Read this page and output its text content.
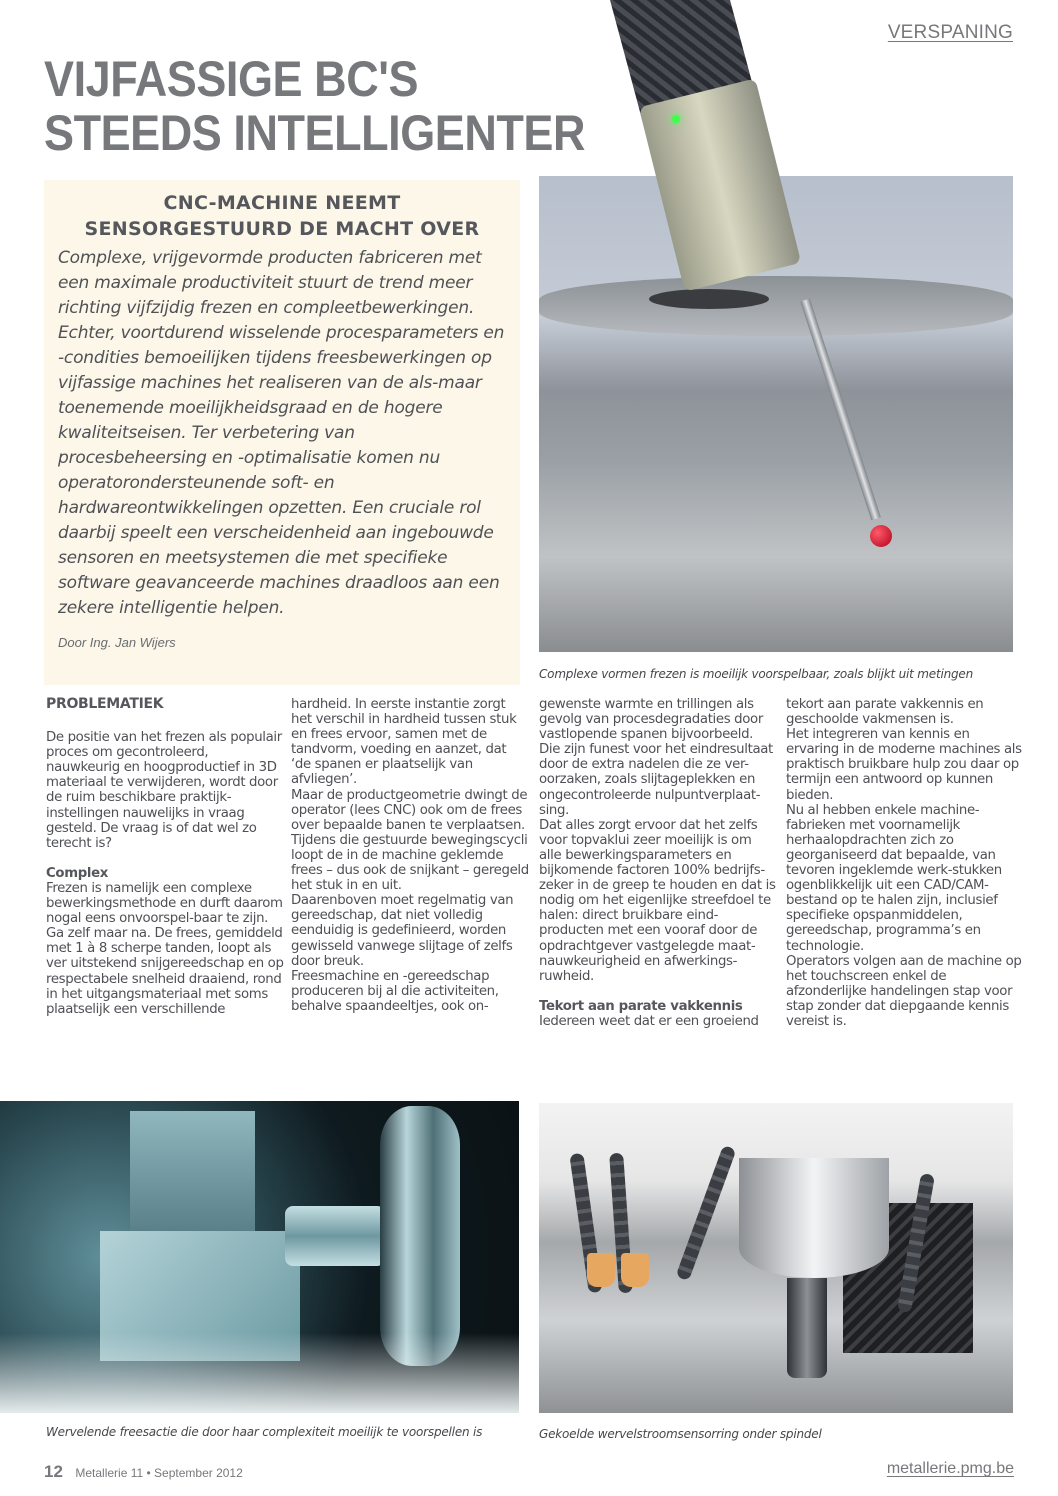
VERSPANING
VIJFASSIGE BC'S
STEEDS INTELLIGENTER

Complexe vormen frezen is moeilijk voorspelbaar, zoals blijkt uit metingen

CNC-MACHINE NEEMT
SENSORGESTUURD DE MACHT OVER

Complexe, vrijgevormde producten fabriceren met een maximale productiviteit stuurt de trend meer richting vijfzijdig frezen en compleetbewerkingen. Echter, voortdurend wisselende procesparameters en -condities bemoeilijken tijdens freesbewerkingen op vijfassige machines het realiseren van de als-maar toenemende moeilijkheidsgraad en de hogere kwaliteitseisen. Ter verbetering van procesbeheersing en -optimalisatie komen nu operatorondersteunende soft- en hardwareontwikkelingen opzetten. Een cruciale rol daarbij speelt een verscheidenheid aan ingebouwde sensoren en meetsystemen die met specifieke software geavanceerde machines draadloos aan een zekere intelligentie helpen.

Door Ing. Jan Wijers

PROBLEMATIEK

De positie van het frezen als populair proces om gecontroleerd, nauwkeurig en hoogproductief in 3D materiaal te verwijderen, wordt door de ruim beschikbare praktijk-instellingen nauwelijks in vraag gesteld. De vraag is of dat wel zo terecht is?

Complex

Frezen is namelijk een complexe bewerkingsmethode en durft daarom nogal eens onvoorspel-baar te zijn. Ga zelf maar na. De frees, gemiddeld met 1 à 8 scherpe tanden, loopt als ver uitstekend snijgereedschap en op respectabele snelheid draaiend, rond in het uitgangsmateriaal met soms plaatselijk een verschillende

hardheid. In eerste instantie zorgt het verschil in hardheid tussen stuk en frees ervoor, samen met de tandvorm, voeding en aanzet, dat ‘de spanen er plaatselijk van afvliegen’.

Maar de productgeometrie dwingt de operator (lees CNC) ook om de frees over bepaalde banen te verplaatsen. Tijdens die gestuurde bewegingscycli loopt de in de machine geklemde frees – dus ook de snijkant – geregeld het stuk in en uit.

Daarenboven moet regelmatig van gereedschap, dat niet volledig eenduidig is gedefinieerd, worden gewisseld vanwege slijtage of zelfs door breuk.

Freesmachine en -gereedschap produceren bij al die activiteiten, behalve spaandeeltjes, ook on-

gewenste warmte en trillingen als gevolg van procesdegradaties door vastlopende spanen bijvoorbeeld. Die zijn funest voor het eindresultaat door de extra nadelen die ze ver-oorzaken, zoals slijtageplekken en ongecontroleerde nulpuntverplaat-sing.

Dat alles zorgt ervoor dat het zelfs voor topvaklui zeer moeilijk is om alle bewerkingsparameters en bijkomende factoren 100% bedrijfs-zeker in de greep te houden en dat is nodig om het eigenlijke streefdoel te halen: direct bruikbare eind-producten met een vooraf door de opdrachtgever vastgelegde maat-nauwkeurigheid en afwerkings-ruwheid.

Tekort aan parate vakkennis

Iedereen weet dat er een groeiend

tekort aan parate vakkennis en geschoolde vakmensen is.

Het integreren van kennis en ervaring in de moderne machines als praktisch bruikbare hulp zou daar op termijn een antwoord op kunnen bieden.

Nu al hebben enkele machine-fabrieken met voornamelijk herhaalopdrachten zich zo georganiseerd dat bepaalde, van tevoren ingeklemde werk-stukken ogenblikkelijk uit een CAD/CAM-bestand op te halen zijn, inclusief specifieke opspanmiddelen, gereedschap, programma’s en technologie.

Operators volgen aan de machine op het touchscreen enkel de afzonderlijke handelingen stap voor stap zonder dat diepgaande kennis vereist is.

Wervelende freesactie die door haar complexiteit moeilijk te voorspellen is	Gekoelde wervelstroomsensorring onder spindel

12 Metallerie 11 • September 2012	metallerie.pmg.be
